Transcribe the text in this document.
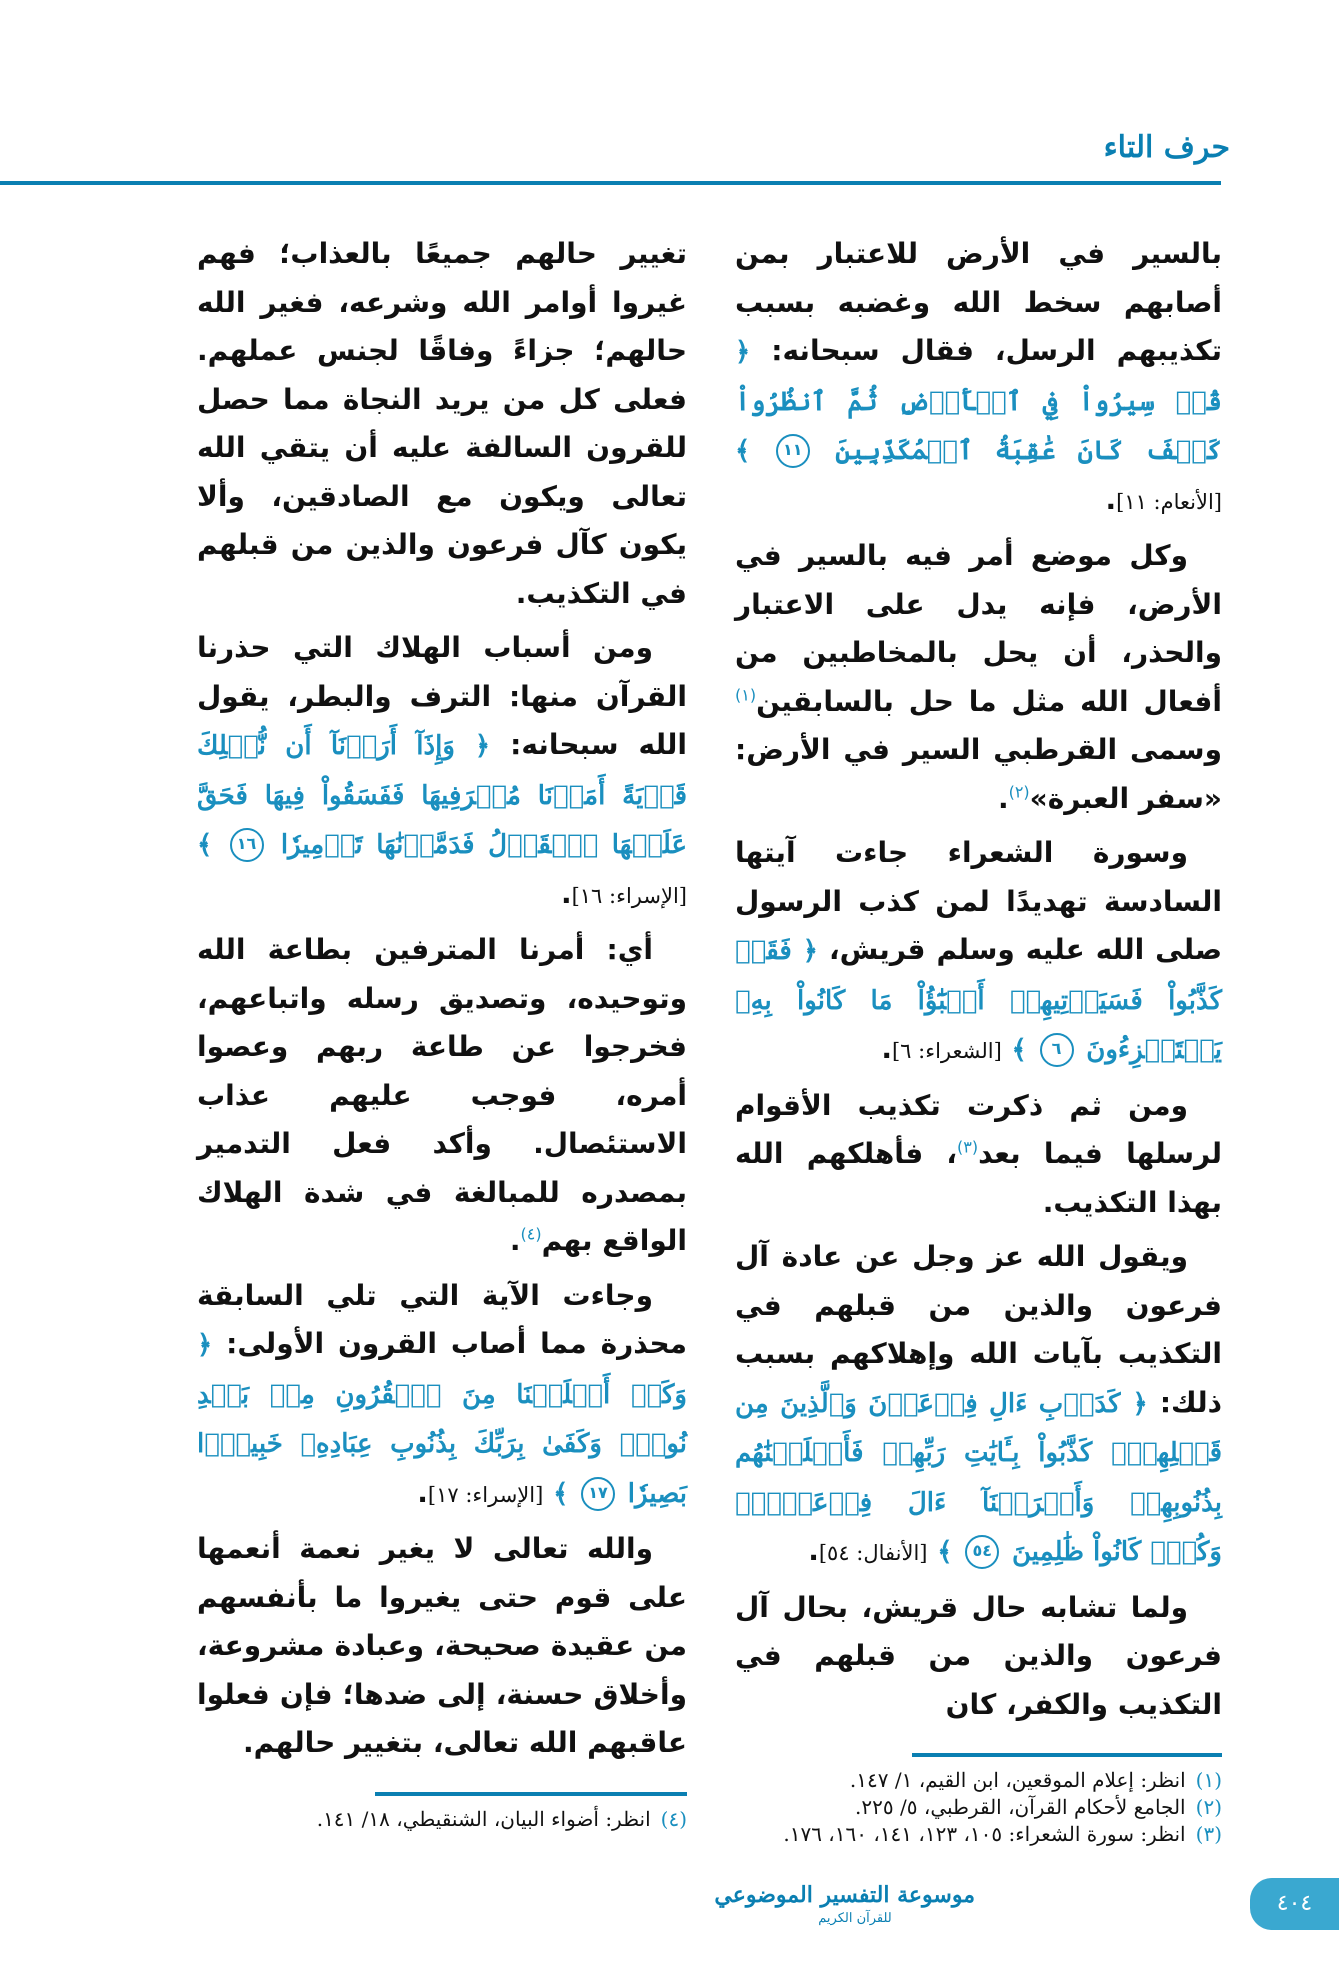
حرف التاء

بالسير في الأرض للاعتبار بمن أصابهم سخط الله وغضبه بسبب تكذيبهم الرسل، فقال سبحانه: ﴿ قُلۡ سِيرُواْ فِي ٱلۡأَرۡضِ ثُمَّ ٱنظُرُواْ كَيۡفَ كَانَ عَٰقِبَةُ ٱلۡمُكَذِّبِينَ ١١ ﴾ [الأنعام: ١١].

وكل موضع أمر فيه بالسير في الأرض، فإنه يدل على الاعتبار والحذر، أن يحل بالمخاطبين من أفعال الله مثل ما حل بالسابقين$^{(١)}$ وسمى القرطبي السير في الأرض: «سفر العبرة»$^{(٢)}$.

وسورة الشعراء جاءت آيتها السادسة تهديدًا لمن كذب الرسول صلى الله عليه وسلم قريش، ﴿ فَقَدۡ كَذَّبُواْ فَسَيَأۡتِيهِمۡ أَنۢبَٰٓؤُاْ مَا كَانُواْ بِهِۦ يَسۡتَهۡزِءُونَ ٦ ﴾ [الشعراء: ٦].

ومن ثم ذكرت تكذيب الأقوام لرسلها فيما بعد$^{(٣)}$، فأهلكهم الله بهذا التكذيب.

ويقول الله عز وجل عن عادة آل فرعون والذين من قبلهم في التكذيب بآيات الله وإهلاكهم بسبب ذلك: ﴿ كَدَأۡبِ ءَالِ فِرۡعَوۡنَ وَٱلَّذِينَ مِن قَبۡلِهِمۡۚ كَذَّبُواْ بِـَٔايَٰتِ رَبِّهِمۡ فَأَهۡلَكۡنَٰهُم بِذُنُوبِهِمۡ وَأَغۡرَقۡنَآ ءَالَ فِرۡعَوۡنَۚ وَكُلّٞ كَانُواْ ظَٰلِمِينَ ٥٤ ﴾ [الأنفال: ٥٤].

ولما تشابه حال قريش، بحال آل فرعون والذين من قبلهم في التكذيب والكفر، كان

(١)انظر: إعلام الموقعين، ابن القيم، ١/ ١٤٧.

(٢)الجامع لأحكام القرآن، القرطبي، ٥/ ٢٢٥.

(٣)انظر: سورة الشعراء: ١٠٥، ١٢٣، ١٤١، ١٦٠، ١٧٦.

تغيير حالهم جميعًا بالعذاب؛ فهم غيروا أوامر الله وشرعه، فغير الله حالهم؛ جزاءً وفاقًا لجنس عملهم. فعلى كل من يريد النجاة مما حصل للقرون السالفة عليه أن يتقي الله تعالى ويكون مع الصادقين، وألا يكون كآل فرعون والذين من قبلهم في التكذيب.

ومن أسباب الهلاك التي حذرنا القرآن منها: الترف والبطر، يقول الله سبحانه: ﴿ وَإِذَآ أَرَدۡنَآ أَن نُّهۡلِكَ قَرۡيَةً أَمَرۡنَا مُتۡرَفِيهَا فَفَسَقُواْ فِيهَا فَحَقَّ عَلَيۡهَا ٱلۡقَوۡلُ فَدَمَّرۡنَٰهَا تَدۡمِيرٗا ١٦ ﴾ [الإسراء: ١٦].

أي: أمرنا المترفين بطاعة الله وتوحيده، وتصديق رسله واتباعهم، فخرجوا عن طاعة ربهم وعصوا أمره، فوجب عليهم عذاب الاستئصال. وأكد فعل التدمير بمصدره للمبالغة في شدة الهلاك الواقع بهم$^{(٤)}$.

وجاءت الآية التي تلي السابقة محذرة مما أصاب القرون الأولى: ﴿ وَكَمۡ أَهۡلَكۡنَا مِنَ ٱلۡقُرُونِ مِنۢ بَعۡدِ نُوحٖۗ وَكَفَىٰ بِرَبِّكَ بِذُنُوبِ عِبَادِهِۦ خَبِيرَۢا بَصِيرٗا ١٧ ﴾ [الإسراء: ١٧].

والله تعالى لا يغير نعمة أنعمها على قوم حتى يغيروا ما بأنفسهم من عقيدة صحيحة، وعبادة مشروعة، وأخلاق حسنة، إلى ضدها؛ فإن فعلوا عاقبهم الله تعالى، بتغيير حالهم.

(٤)انظر: أضواء البيان، الشنقيطي، ١٨/ ١٤١.

موسوعة التفسير الموضوعي
للقرآن الكريم
٤٠٤
